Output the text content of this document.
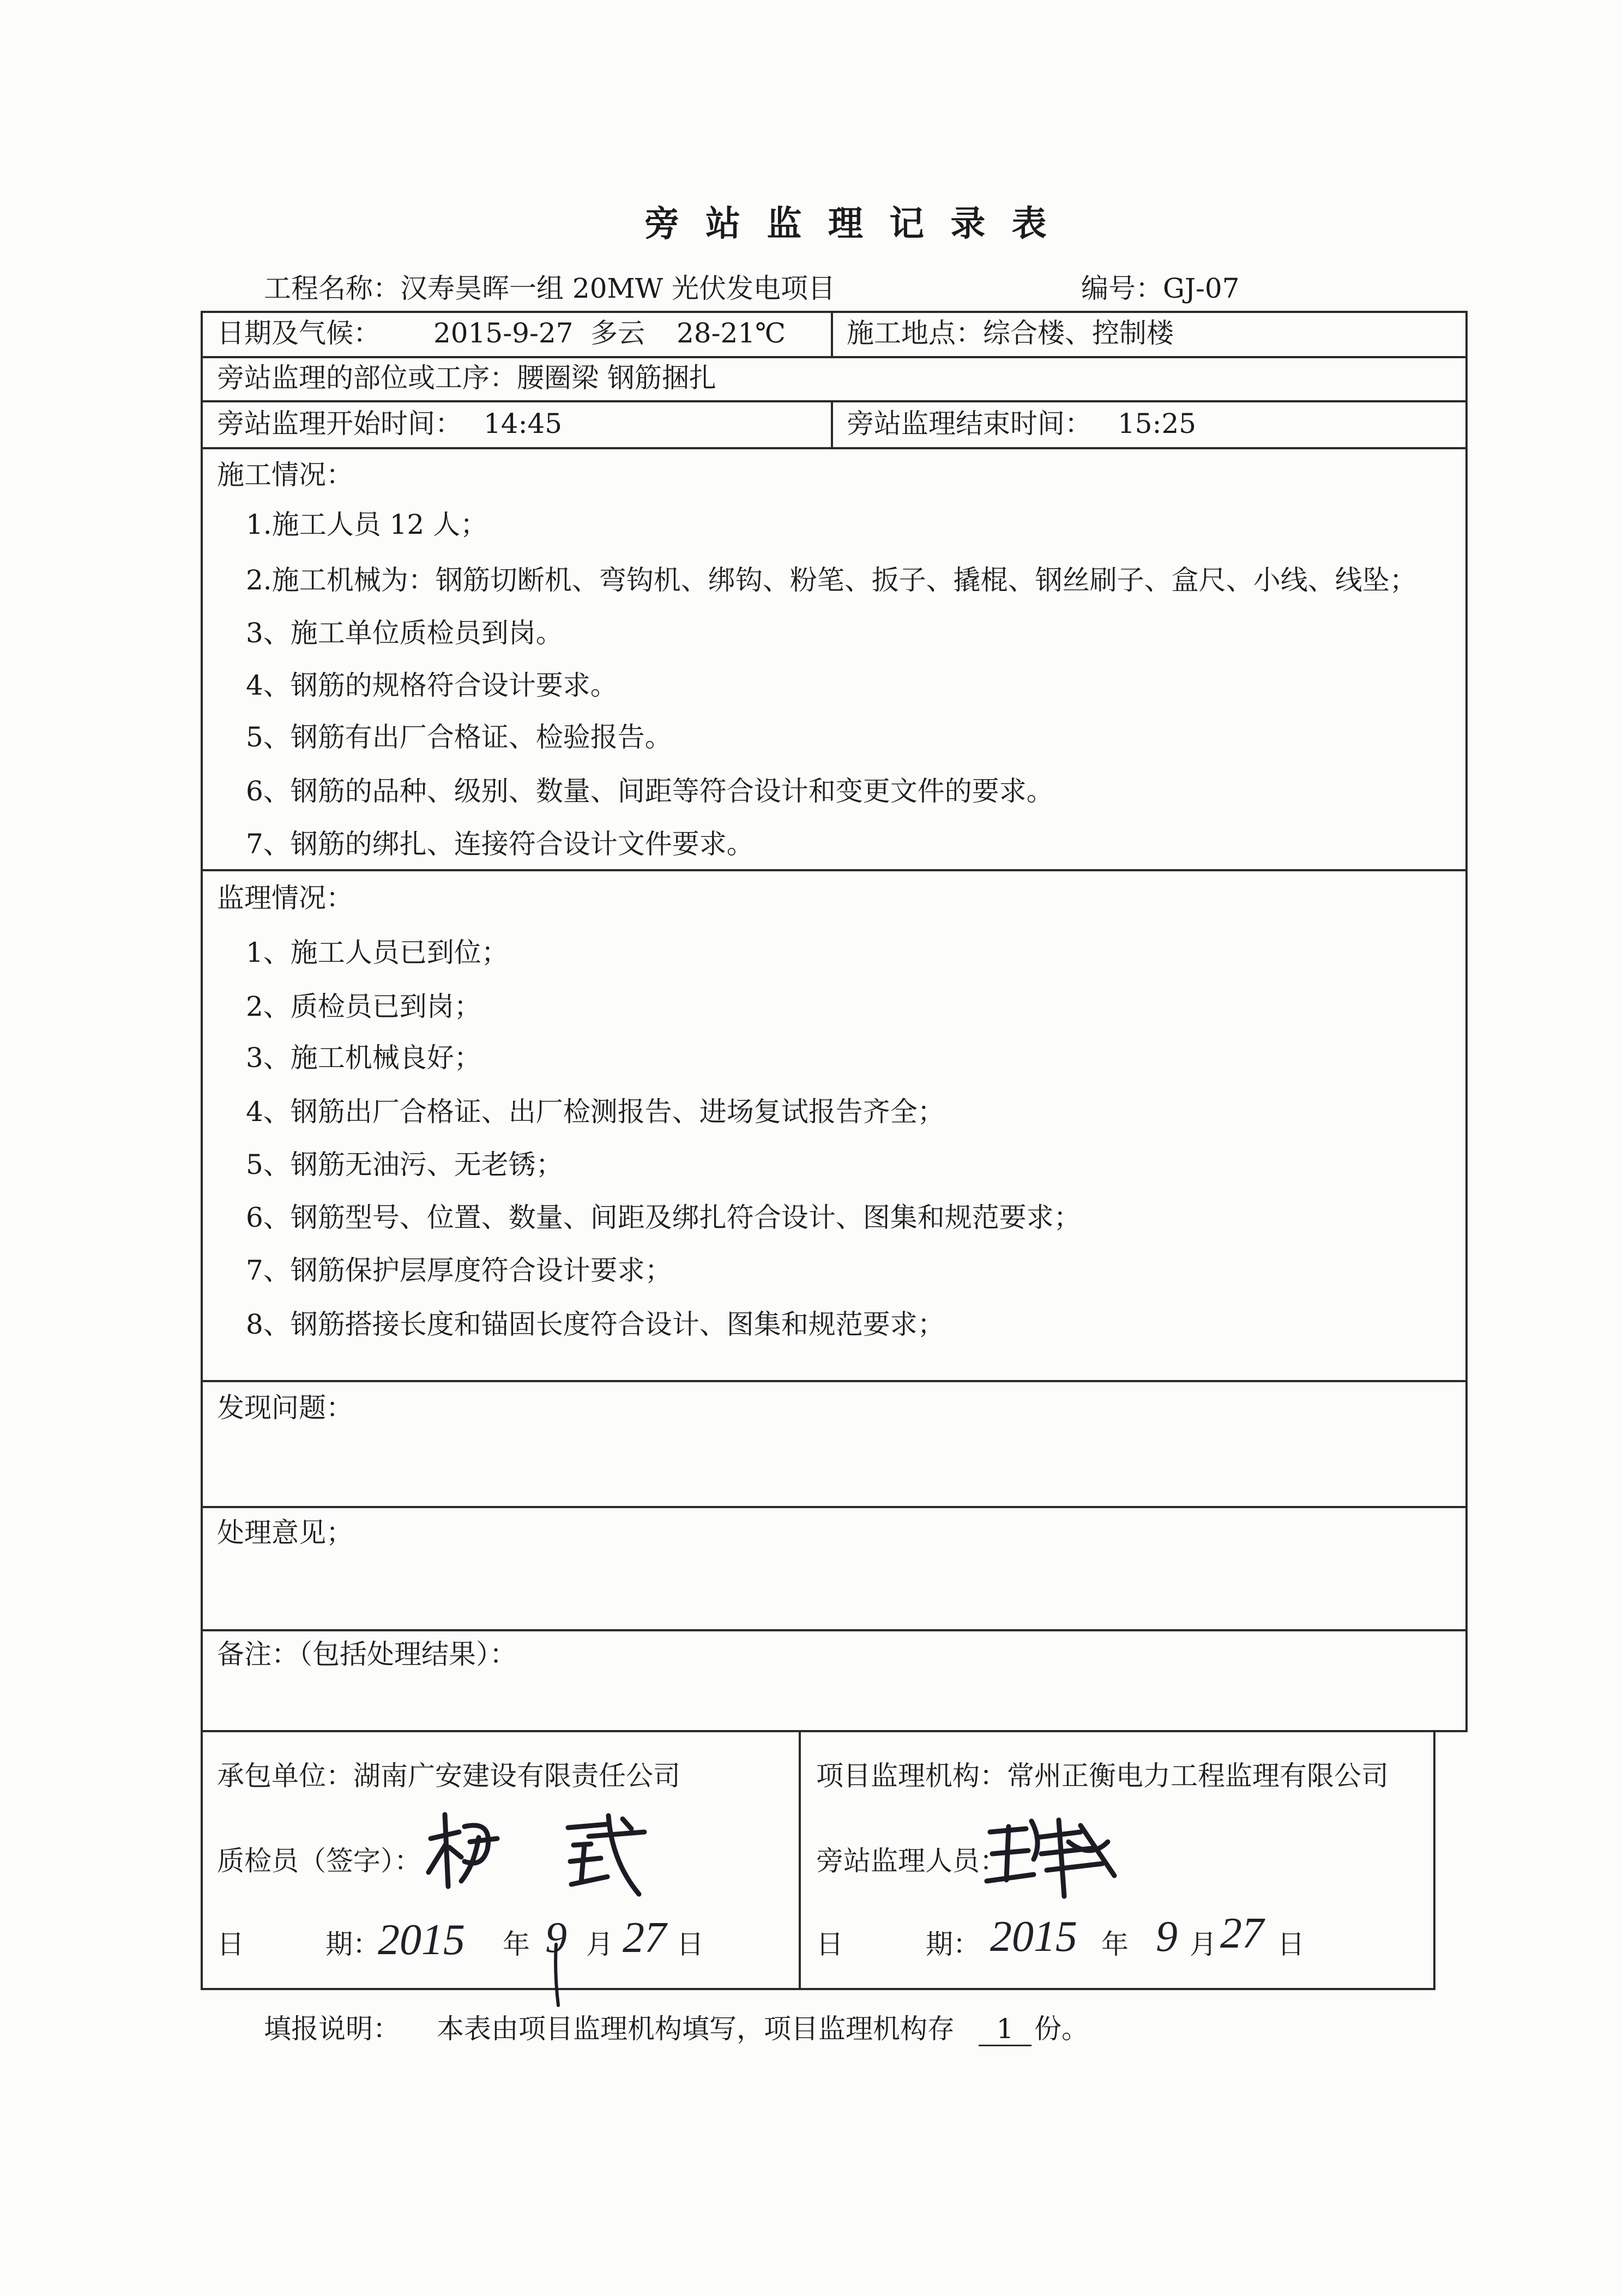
旁 站 监 理 记 录 表
工程名称：汉寿昊晖一组 20MW 光伏发电项目	编号：GJ-07
日期及气候： 2015-9-27 多云 28-21℃ 施工地点：综合楼、控制楼
旁站监理的部位或工序：腰圈梁 钢筋捆扎
旁站监理开始时间： 14:45	旁站监理结束时间： 15:25
施工情况：
1.施工人员 12 人；
2.施工机械为：钢筋切断机、弯钩机、绑钩、粉笔、扳子、撬棍、钢丝刷子、盒尺、小线、线坠；
3、施工单位质检员到岗。
4、钢筋的规格符合设计要求。
5、钢筋有出厂合格证、检验报告。
6、钢筋的品种、级别、数量、间距等符合设计和变更文件的要求。
7、钢筋的绑扎、连接符合设计文件要求。
监理情况：
1、施工人员已到位；
2、质检员已到岗；
3、施工机械良好；
4、钢筋出厂合格证、出厂检测报告、进场复试报告齐全；
5、钢筋无油污、无老锈；
6、钢筋型号、位置、数量、间距及绑扎符合设计、图集和规范要求；
7、钢筋保护层厚度符合设计要求；
8、钢筋搭接长度和锚固长度符合设计、图集和规范要求；
发现问题：
处理意见；
备注：（包括处理结果）：
承包单位：湖南广安建设有限责任公司
质检员（签字）：
日	期：
2015 年 9 月 27 日
项目监理机构：常州正衡电力工程监理有限公司
旁站监理人员：
日	期： 2015 年 9 月 27 日
填报说明： 本表由项目监理机构填写，项目监理机构存	1 份。
